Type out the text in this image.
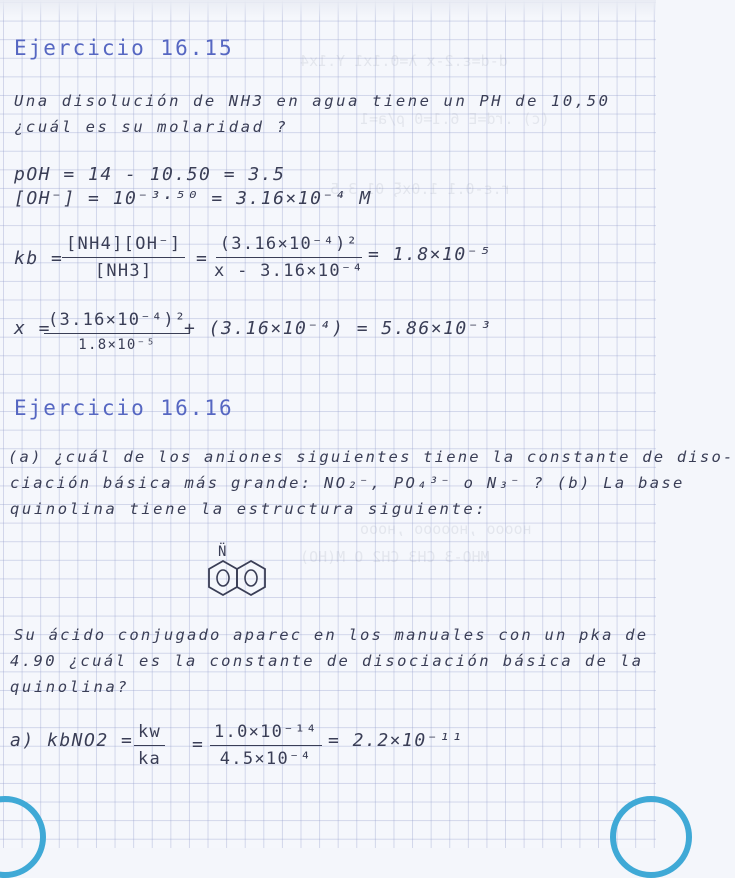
d-d=ε.2-x λ=0.1x1 Y.1x4
(c) .rd=E 6.1=0 ρ/a=1
r.ε-0.1 1.0xξ 01 3.5
ноооо ,нооооо ,нооо
МНО-3 СН3 СН2 О М(НО)
Ejercicio 16.15
Una disolución de NH3 en agua tiene un PH de 10,50
¿cuál es su molaridad ?
pOH = 14 - 10.50 = 3.5
[OH⁻] = 10⁻³·⁵⁰ = 3.16×10⁻⁴ M
kb =
$\frac{[NH4][OH^-]}{[NH3]} = \frac{\text{(3.16×10⁻⁴)²}}{\text{x - 3.16×10⁻⁴}} = 1.8\times 10^{-5}$
x =
(3.16×10⁻⁴)²
1.8×10⁻⁵
+ (3.16×10⁻⁴) = 5.86×10⁻³
Ejercicio 16.16
(a) ¿cuál de los aniones siguientes tiene la constante de diso-
ciación básica más grande: NO₂⁻, PO₄³⁻ o N₃⁻ ? (b) La base
quinolina tiene la estructura siguiente:
N̈
Su ácido conjugado aparec en los manuales con un pka de
4.90 ¿cuál es la constante de disociación básica de la
quinolina?
a) kbNO2 = $\frac{kw}{ka} = \frac{\text{1.0×10⁻¹⁴}}{\text{4.5×10⁻⁴}} = 2.2\times 10^{-11}$
